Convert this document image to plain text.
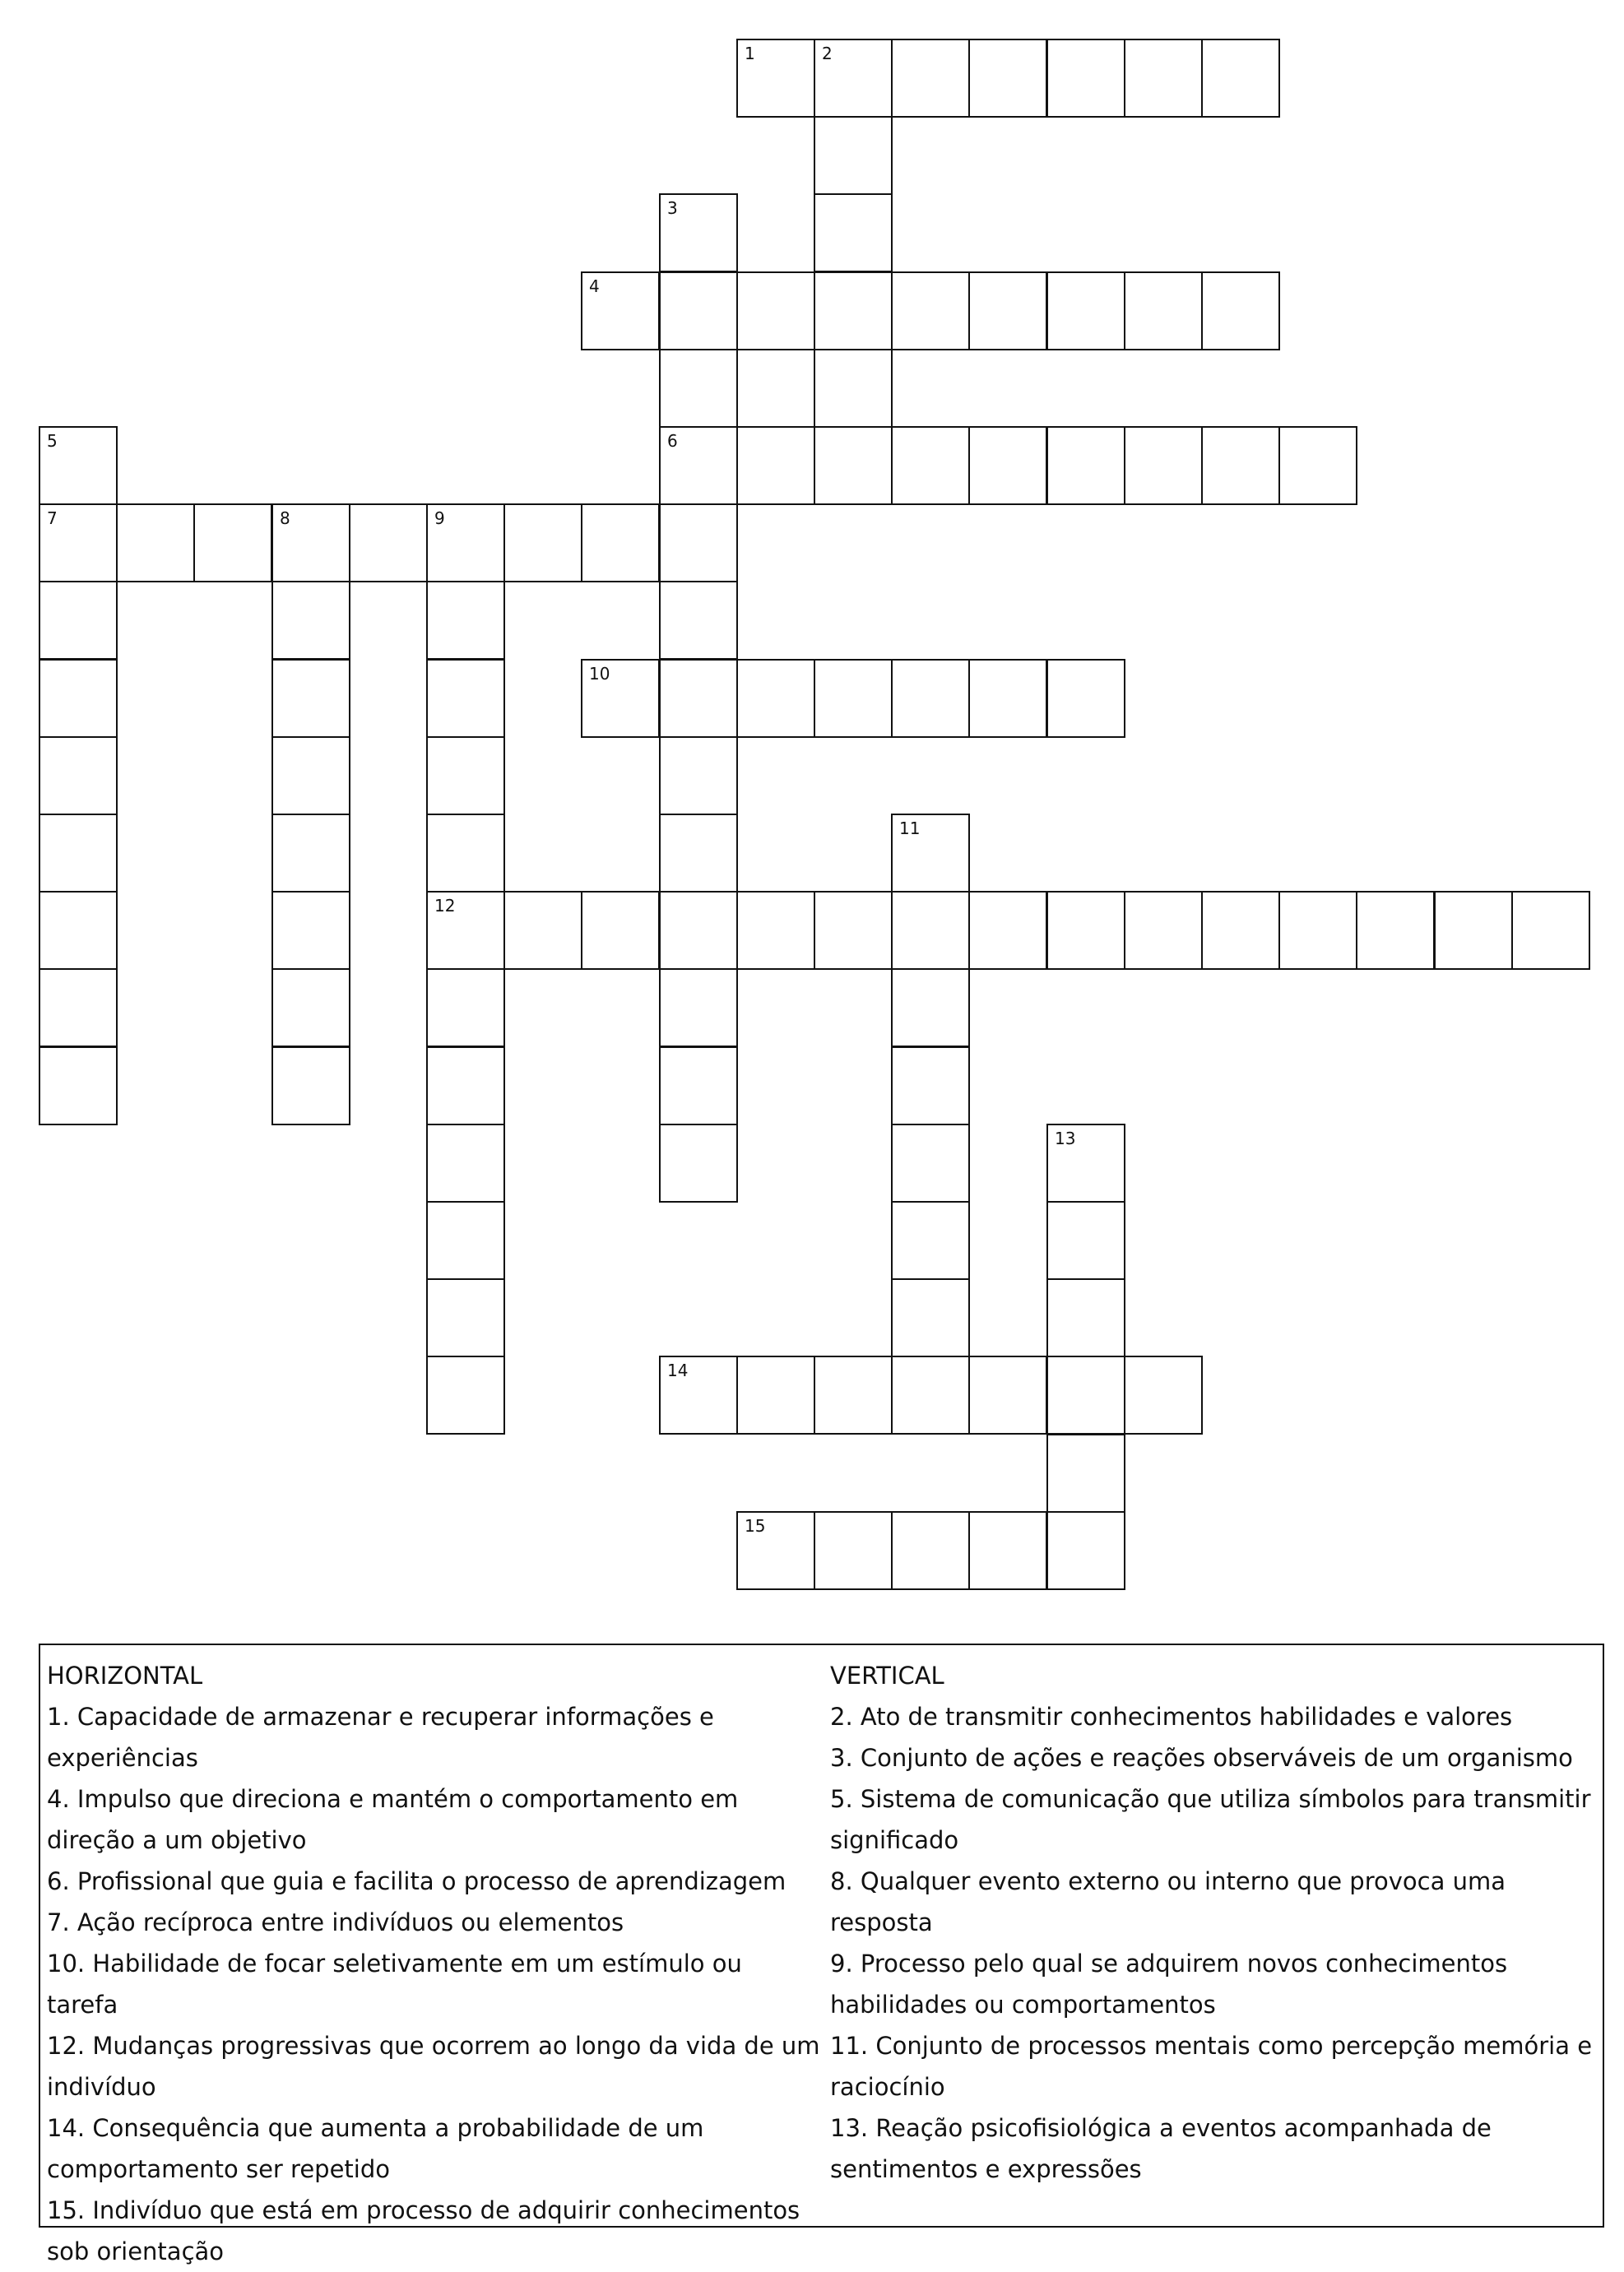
1	2
3
4
5	6
7	8	9
10
11
12
13
14
15
HORIZONTAL
1. Capacidade de armazenar e recuperar informações e experiências
4. Impulso que direciona e mantém o comportamento em direção a um objetivo
6. Profissional que guia e facilita o processo de aprendizagem
7. Ação recíproca entre indivíduos ou elementos
10. Habilidade de focar seletivamente em um estímulo ou tarefa
12. Mudanças progressivas que ocorrem ao longo da vida de um indivíduo
14. Consequência que aumenta a probabilidade de um comportamento ser repetido
15. Indivíduo que está em processo de adquirir conhecimentos sob orientação
VERTICAL
2. Ato de transmitir conhecimentos habilidades e valores
3. Conjunto de ações e reações observáveis de um organismo
5. Sistema de comunicação que utiliza símbolos para transmitir significado
8. Qualquer evento externo ou interno que provoca uma resposta
9. Processo pelo qual se adquirem novos conhecimentos habilidades ou comportamentos
11. Conjunto de processos mentais como percepção memória e raciocínio
13. Reação psicofisiológica a eventos acompanhada de sentimentos e expressões
